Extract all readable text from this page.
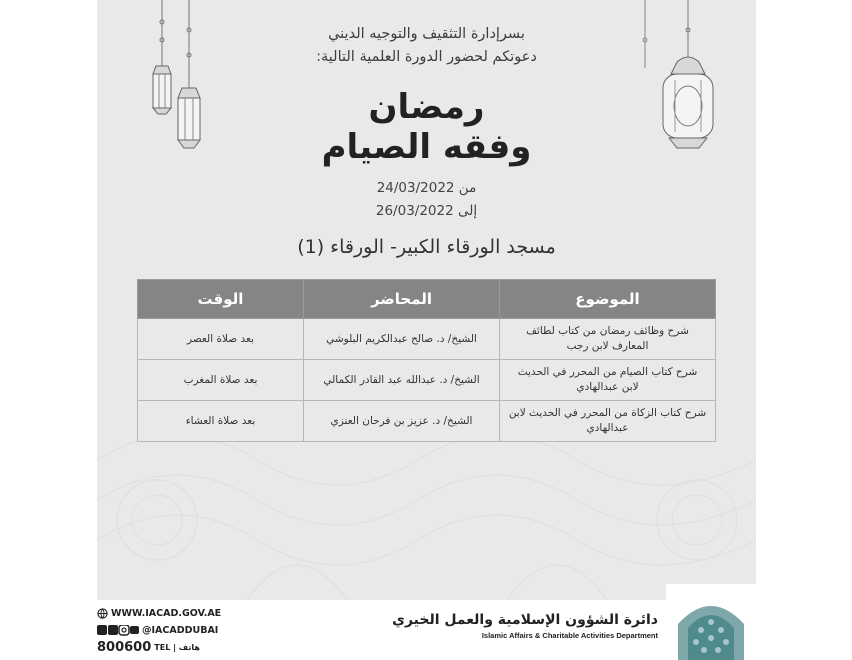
بسرإدارة التثقيف والتوجيه الديني
دعوتكم لحضور الدورة العلمية التالية:
رمضان
وفقه الصيام
من 24/03/2022
إلى 26/03/2022
مسجد الورقاء الكبير- الورقاء (1)
الموضوع	المحاضر	الوقت
شرح وظائف رمضان من كتاب لطائف المعارف لابن رجب	الشيخ/ د. صالح عبدالكريم البلوشي	بعد صلاة العصر
شرح كتاب الصيام من المحرر في الحديث لابن عبدالهادي	الشيخ/ د. عبدالله عبد القادر الكمالي	بعد صلاة المغرب
شرح كتاب الزكاة من المحرر في الحديث لابن عبدالهادي	الشيخ/ د. عزيز بن فرحان العنزي	بعد صلاة العشاء
WWW.IACAD.GOV.AE
@IACADDUBAI
800600 TEL | هاتف
دائرة الشؤون الإسلامية والعمل الخيري
Islamic Affairs & Charitable Activities Department
